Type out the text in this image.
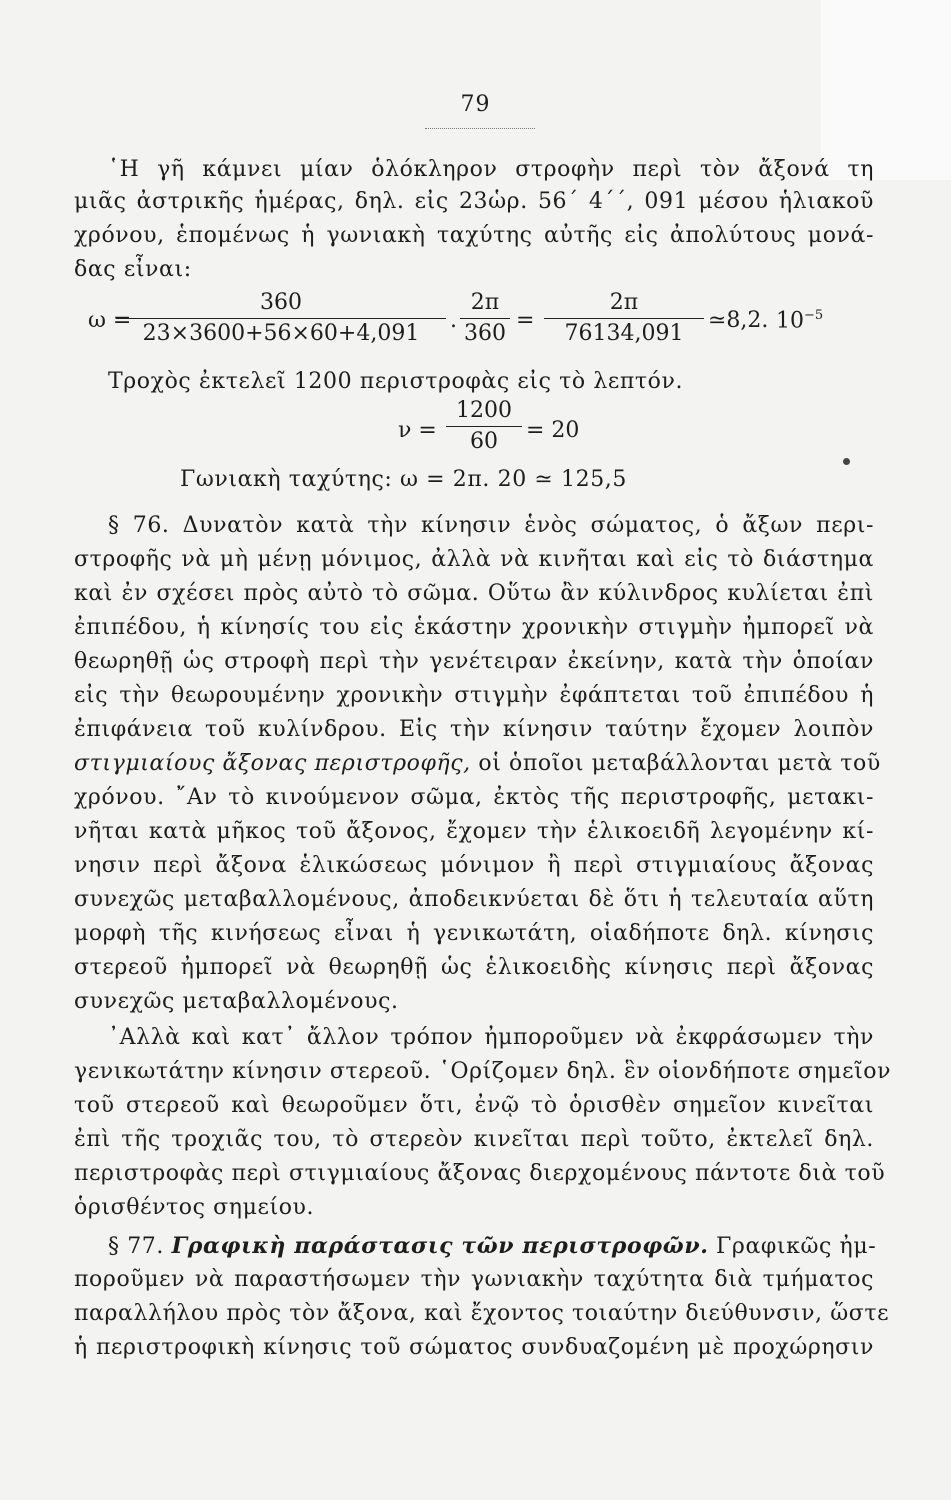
79
῾Η γῆ κάμνει μίαν ὁλόκληρον στροφὴν περὶ τὸν ἄξονά τη
μιᾶς ἀστρικῆς ἡμέρας, δηλ. εἰς 23ὡρ. 56΄ 4΄΄, 091 μέσου ἡλιακοῦ
χρόνου, ἑπομένως ἡ γωνιακὴ ταχύτης αὐτῆς εἰς ἀπολύτους μονά-
δας εἶναι:
ω =
360
23×3600+56×60+4,091
.
2π
360
=
2π
76134,091
≃8,2. $10^{-5}$
Τροχὸς ἐκτελεῖ 1200 περιστροφὰς εἰς τὸ λεπτόν.
ν =
1200
60	= 20
Γωνιακὴ ταχύτης: ω = 2π. 20 ≃ 125,5
§ 76. Δυνατὸν κατὰ τὴν κίνησιν ἑνὸς σώματος, ὁ ἄξων περι-
στροφῆς νὰ μὴ μένῃ μόνιμος, ἀλλὰ νὰ κινῆται καὶ εἰς τὸ διάστημα
καὶ ἐν σχέσει πρὸς αὐτὸ τὸ σῶμα. Οὕτω ἂν κύλινδρος κυλίεται ἐπὶ
ἐπιπέδου, ἡ κίνησίς του εἰς ἑκάστην χρονικὴν στιγμὴν ἠμπορεῖ νὰ
θεωρηθῇ ὡς στροφὴ περὶ τὴν γενέτειραν ἐκείνην, κατὰ τὴν ὁποίαν
εἰς τὴν θεωρουμένην χρονικὴν στιγμὴν ἐφάπτεται τοῦ ἐπιπέδου ἡ
ἐπιφάνεια τοῦ κυλίνδρου. Εἰς τὴν κίνησιν ταύτην ἔχομεν λοιπὸν
στιγμιαίους ἄξονας περιστροφῆς, οἱ ὁποῖοι μεταβάλλονται μετὰ τοῦ
χρόνου. ῎Αν τὸ κινούμενον σῶμα, ἐκτὸς τῆς περιστροφῆς, μετακι-
νῆται κατὰ μῆκος τοῦ ἄξονος, ἔχομεν τὴν ἑλικοειδῆ λεγομένην κί-
νησιν περὶ ἄξονα ἑλικώσεως μόνιμον ἢ περὶ στιγμιαίους ἄξονας
συνεχῶς μεταβαλλομένους, ἀποδεικνύεται δὲ ὅτι ἡ τελευταία αὕτη
μορφὴ τῆς κινήσεως εἶναι ἡ γενικωτάτη, οἱαδήποτε δηλ. κίνησις
στερεοῦ ἠμπορεῖ νὰ θεωρηθῇ ὡς ἑλικοειδὴς κίνησις περὶ ἄξονας
συνεχῶς μεταβαλλομένους.
᾽Αλλὰ καὶ κατ᾽ ἄλλον τρόπον ἠμποροῦμεν νὰ ἐκφράσωμεν τὴν
γενικωτάτην κίνησιν στερεοῦ. ῾Ορίζομεν δηλ. ἓν οἱονδήποτε σημεῖον
τοῦ στερεοῦ καὶ θεωροῦμεν ὅτι, ἐνῷ τὸ ὁρισθὲν σημεῖον κινεῖται
ἐπὶ τῆς τροχιᾶς του, τὸ στερεὸν κινεῖται περὶ τοῦτο, ἐκτελεῖ δηλ.
περιστροφὰς περὶ στιγμιαίους ἄξονας διερχομένους πάντοτε διὰ τοῦ
ὁρισθέντος σημείου.
§ 77. Γραφικὴ παράστασις τῶν περιστροφῶν. Γραφικῶς ἠμ-
ποροῦμεν νὰ παραστήσωμεν τὴν γωνιακὴν ταχύτητα διὰ τμήματος
παραλλήλου πρὸς τὸν ἄξονα, καὶ ἔχοντος τοιαύτην διεύθυνσιν, ὥστε
ἡ περιστροφικὴ κίνησις τοῦ σώματος συνδυαζομένη μὲ προχώρησιν
